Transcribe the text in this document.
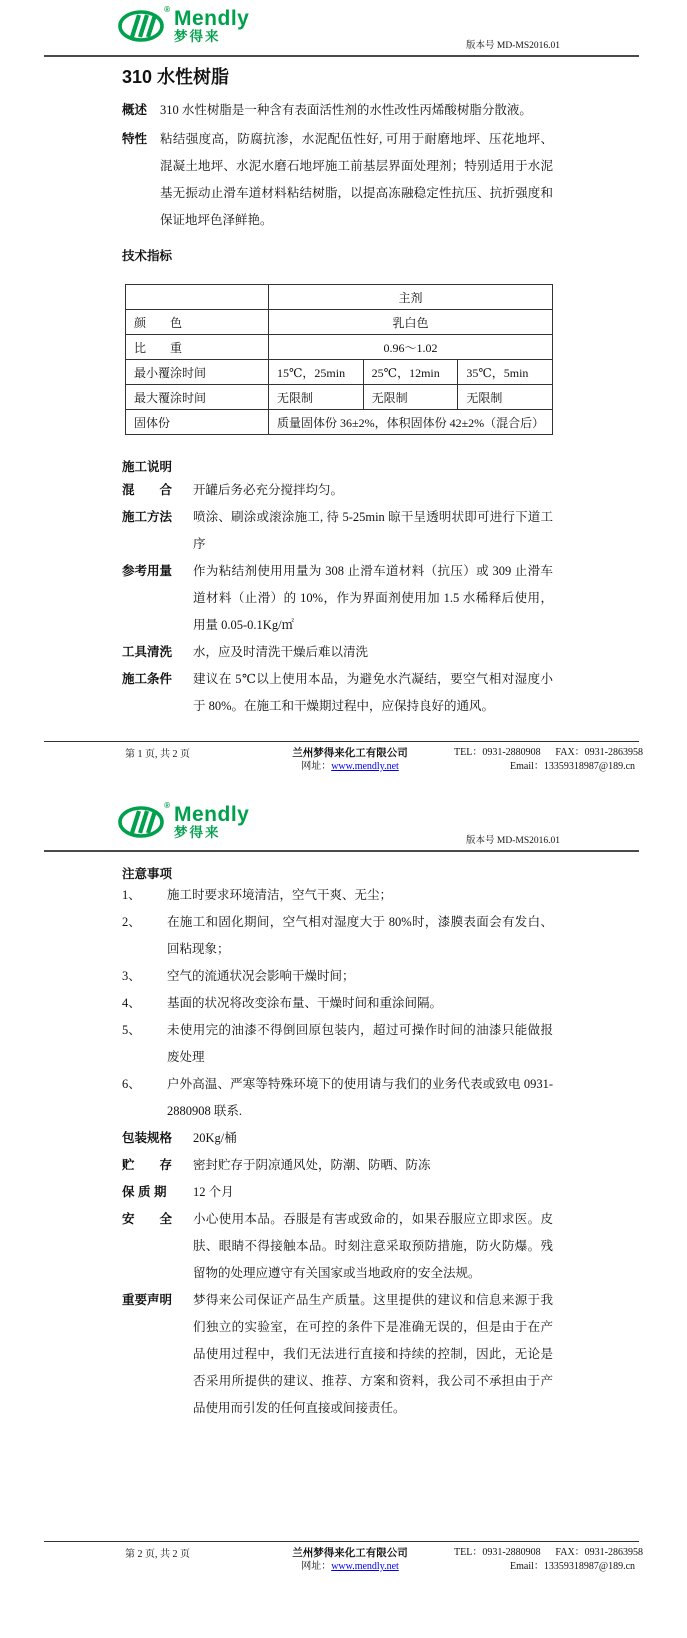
® Mendly
梦得来
版本号 MD-MS2016.01
310 水性树脂
概述	310 水性树脂是一种含有表面活性剂的水性改性丙烯酸树脂分散液。

特性	粘结强度高，防腐抗渗，水泥配伍性好, 可用于耐磨地坪、压花地坪、混凝土地坪、水泥水磨石地坪施工前基层界面处理剂；特别适用于水泥基无振动止滑车道材料粘结树脂，以提高冻融稳定性抗压、抗折强度和保证地坪色泽鲜艳。

技术指标
	主剂		
颜　　色	乳白色		
比　　重	0.96～1.02		
最小覆涂时间	15℃，25min	25℃，12min	35℃，5min
最大覆涂时间	无限制	无限制	无限制
固体份	质量固体份 36±2%，体积固体份 42±2%（混合后）		
施工说明
混　　合	开罐后务必充分搅拌均匀。

施工方法	喷涂、刷涂或滚涂施工, 待 5-25min 晾干呈透明状即可进行下道工序

参考用量	作为粘结剂使用用量为 308 止滑车道材料（抗压）或 309 止滑车道材料（止滑）的 10%，作为界面剂使用加 1.5 水稀释后使用，用量 0.05-0.1Kg/㎡

工具清洗	水，应及时清洗干燥后难以清洗

施工条件	建议在 5℃以上使用本品，为避免水汽凝结，要空气相对湿度小于 80%。在施工和干燥期过程中，应保持良好的通风。

第 1 页, 共 2 页	兰州梦得来化工有限公司
网址：www.mendly.net
TEL：0931-2880908 FAX：0931-2863958
Email：13359318987@189.cn
® Mendly
梦得来
版本号 MD-MS2016.01
注意事项
1、	施工时要求环境清洁，空气干爽、无尘；

2、	在施工和固化期间，空气相对湿度大于 80%时，漆膜表面会有发白、回粘现象；

3、	空气的流通状况会影响干燥时间；

4、	基面的状况将改变涂布量、干燥时间和重涂间隔。

5、	未使用完的油漆不得倒回原包装内，超过可操作时间的油漆只能做报废处理

6、	户外高温、严寒等特殊环境下的使用请与我们的业务代表或致电 0931-2880908 联系.

包装规格	20Kg/桶

贮　　存	密封贮存于阴凉通风处，防潮、防晒、防冻

保 质 期	12 个月

安　　全	小心使用本品。吞服是有害或致命的，如果吞服应立即求医。皮肤、眼睛不得接触本品。时刻注意采取预防措施，防火防爆。残留物的处理应遵守有关国家或当地政府的安全法规。

重要声明	梦得来公司保证产品生产质量。这里提供的建议和信息来源于我们独立的实验室，在可控的条件下是准确无误的，但是由于在产品使用过程中，我们无法进行直接和持续的控制，因此，无论是否采用所提供的建议、推荐、方案和资料，我公司不承担由于产品使用而引发的任何直接或间接责任。

第 2 页, 共 2 页	兰州梦得来化工有限公司
网址：www.mendly.net
TEL：0931-2880908 FAX：0931-2863958
Email：13359318987@189.cn
